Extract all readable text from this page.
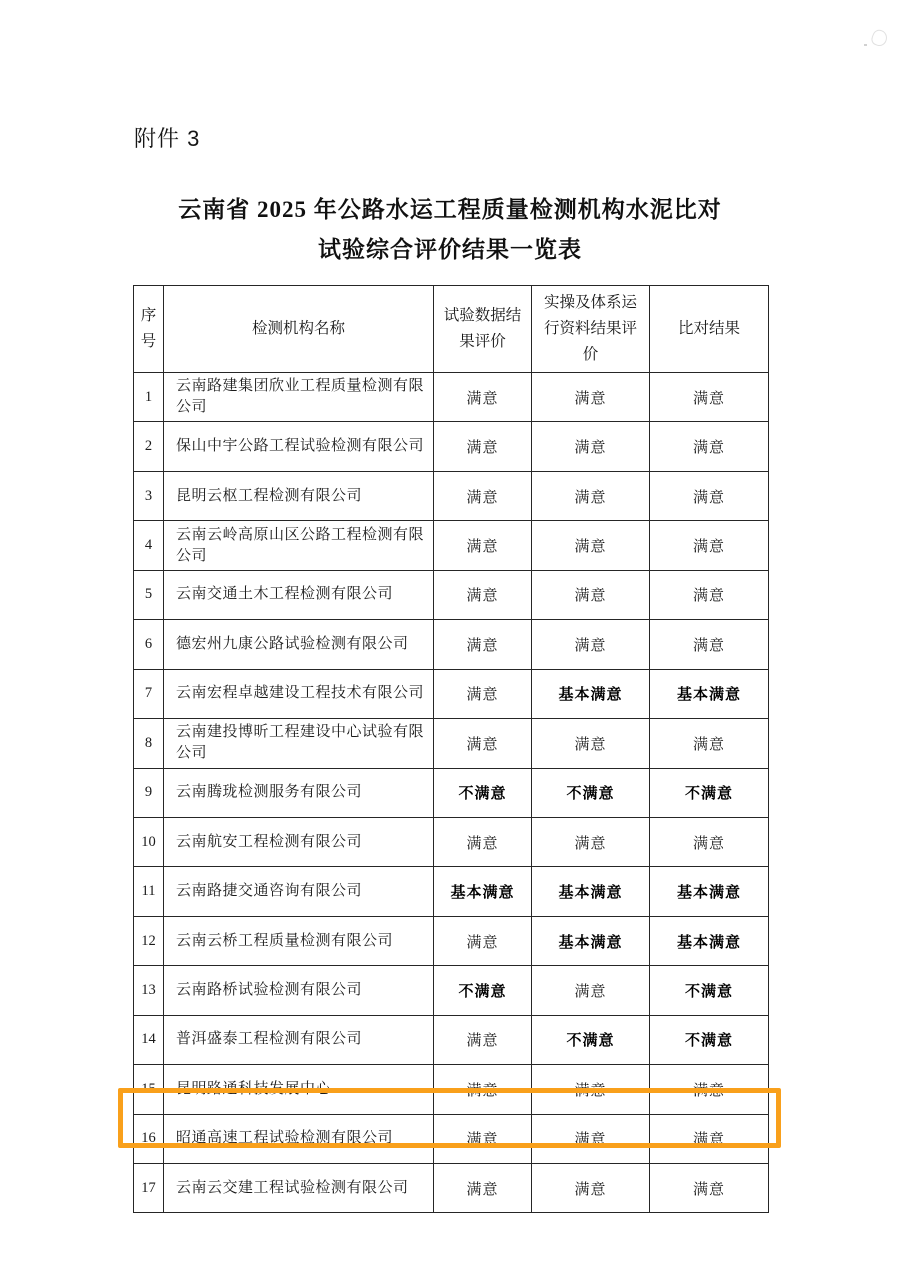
附件 3
云南省 2025 年公路水运工程质量检测机构水泥比对
试验综合评价结果一览表
序号	检测机构名称	试验数据结果评价	实操及体系运行资料结果评价	比对结果
1	云南路建集团欣业工程质量检测有限公司	满意	满意	满意
2	保山中宇公路工程试验检测有限公司	满意	满意	满意
3	昆明云枢工程检测有限公司	满意	满意	满意
4	云南云岭高原山区公路工程检测有限公司	满意	满意	满意
5	云南交通土木工程检测有限公司	满意	满意	满意
6	德宏州九康公路试验检测有限公司	满意	满意	满意
7	云南宏程卓越建设工程技术有限公司	满意	基本满意	基本满意
8	云南建投博昕工程建设中心试验有限公司	满意	满意	满意
9	云南腾珑检测服务有限公司	不满意	不满意	不满意
10	云南航安工程检测有限公司	满意	满意	满意
11	云南路捷交通咨询有限公司	基本满意	基本满意	基本满意
12	云南云桥工程质量检测有限公司	满意	基本满意	基本满意
13	云南路桥试验检测有限公司	不满意	满意	不满意
14	普洱盛泰工程检测有限公司	满意	不满意	不满意
15	昆明路通科技发展中心	满意	满意	满意
16	昭通高速工程试验检测有限公司	满意	满意	满意
17	云南云交建工程试验检测有限公司	满意	满意	满意
